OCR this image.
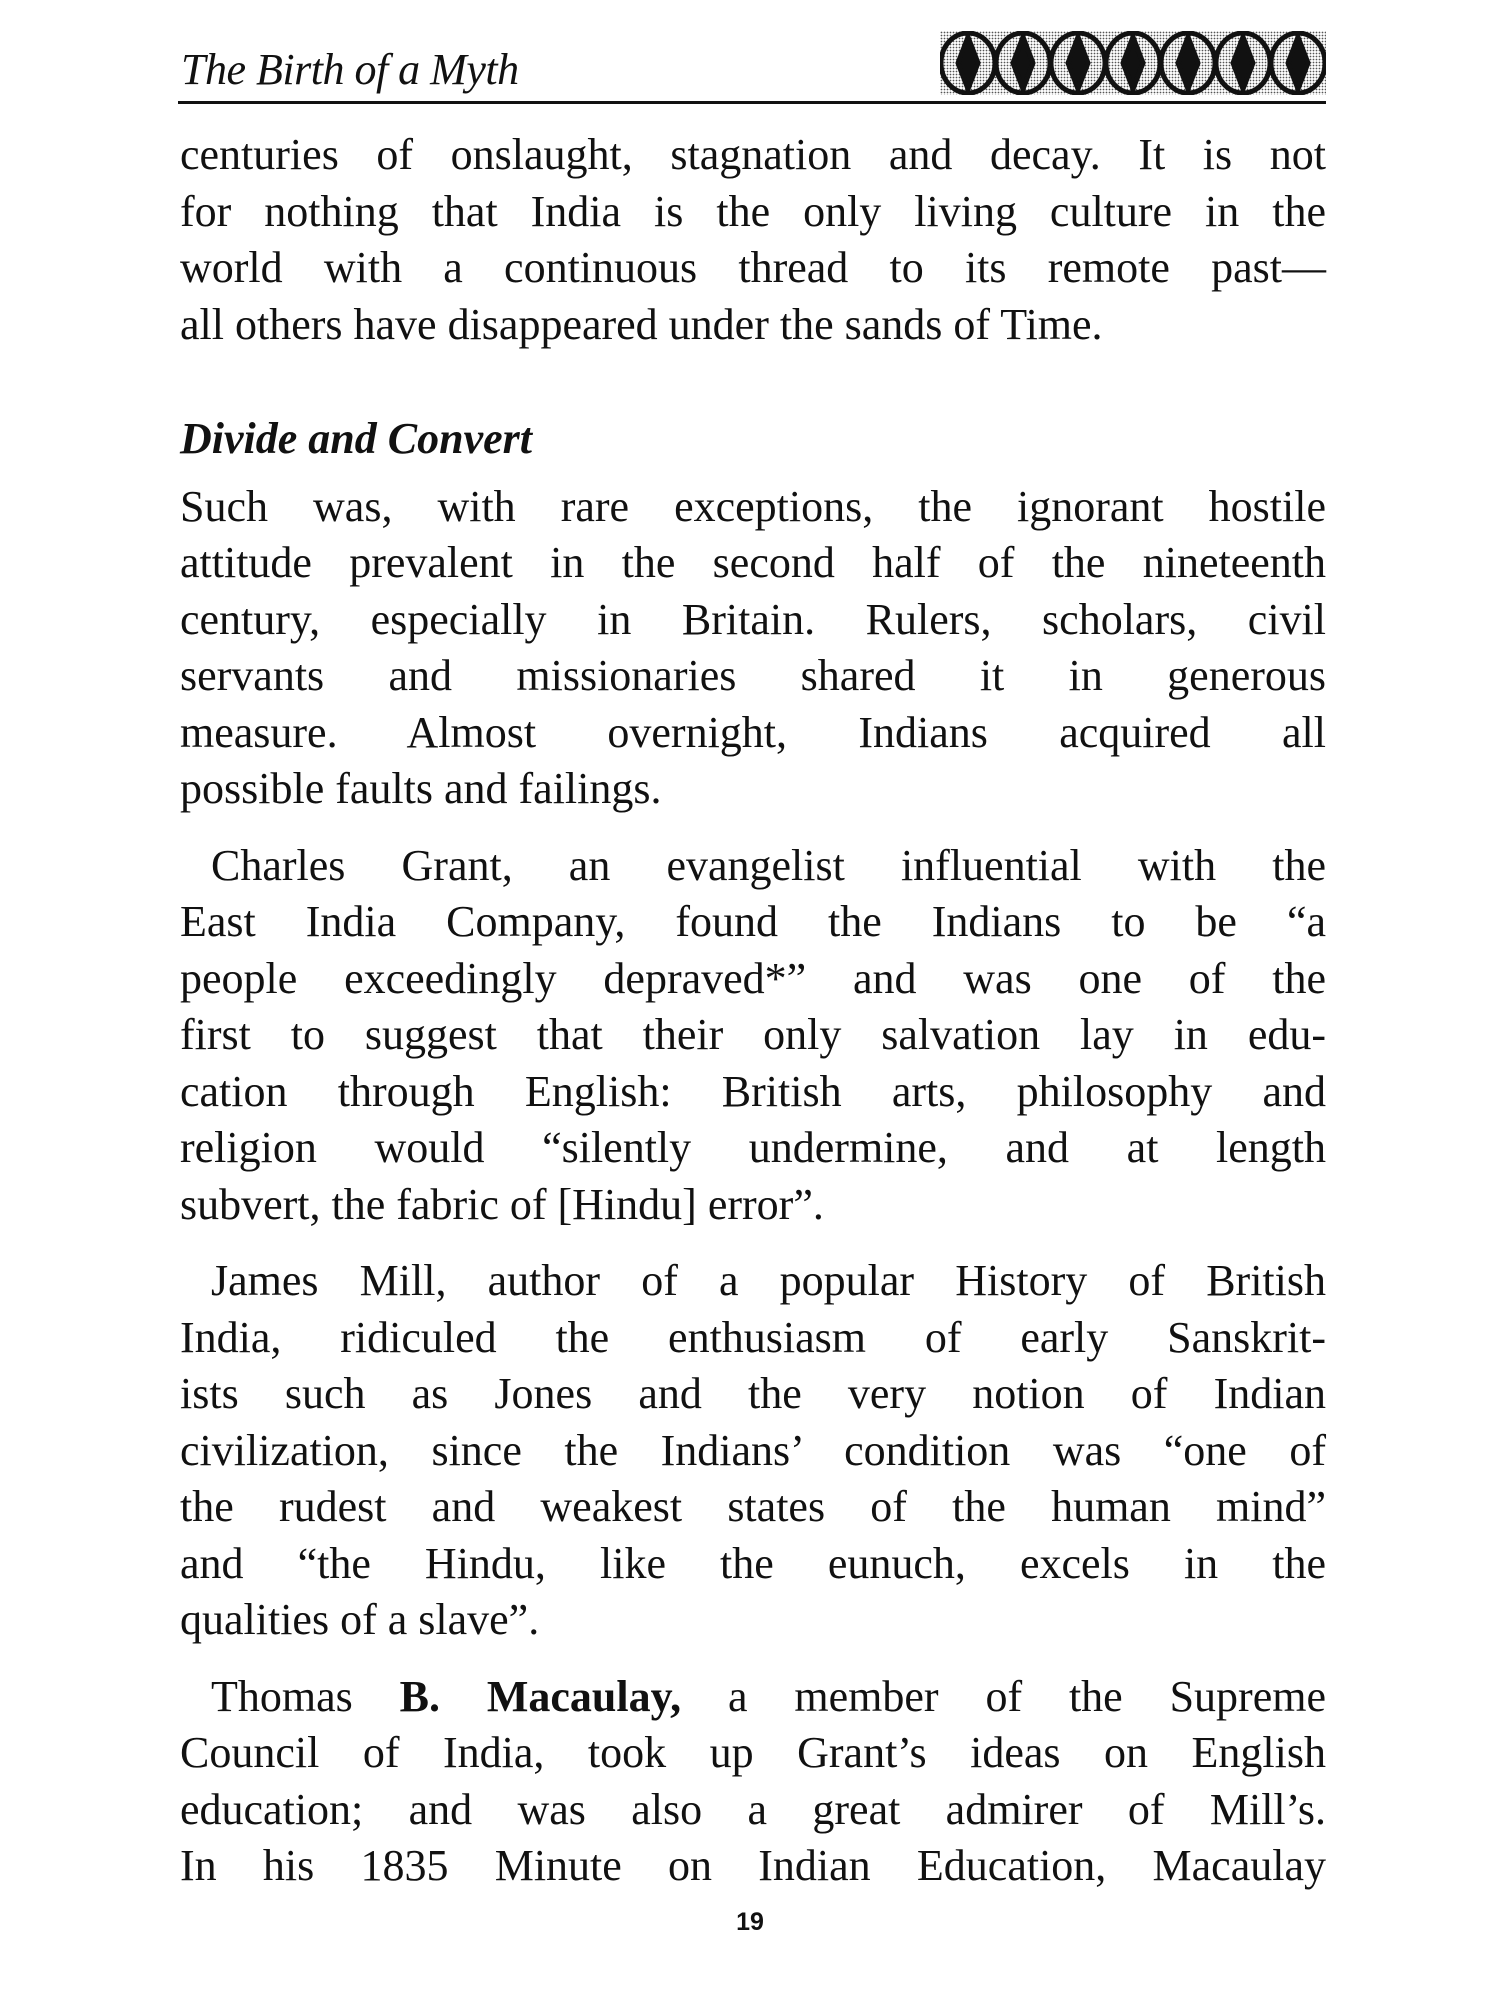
The Birth of a Myth
centuries of onslaught, stagnation and decay. It is not
for nothing that India is the only living culture in the
world with a continuous thread to its remote past—
all others have disappeared under the sands of Time.
Divide and Convert
Such was, with rare exceptions, the ignorant hostile
attitude prevalent in the second half of the nineteenth
century, especially in Britain. Rulers, scholars, civil
servants and missionaries shared it in generous
measure. Almost overnight, Indians acquired all
possible faults and failings.
Charles Grant, an evangelist influential with the
East India Company, found the Indians to be “a
people exceedingly depraved*” and was one of the
first to suggest that their only salvation lay in edu-
cation through English: British arts, philosophy and
religion would “silently undermine, and at length
subvert, the fabric of [Hindu] error”.
James Mill, author of a popular History of British
India, ridiculed the enthusiasm of early Sanskrit-
ists such as Jones and the very notion of Indian
civilization, since the Indians’ condition was “one of
the rudest and weakest states of the human mind”
and “the Hindu, like the eunuch, excels in the
qualities of a slave”.
Thomas B. Macaulay, a member of the Supreme
Council of India, took up Grant’s ideas on English
education; and was also a great admirer of Mill’s.
In his 1835 Minute on Indian Education, Macaulay
19
